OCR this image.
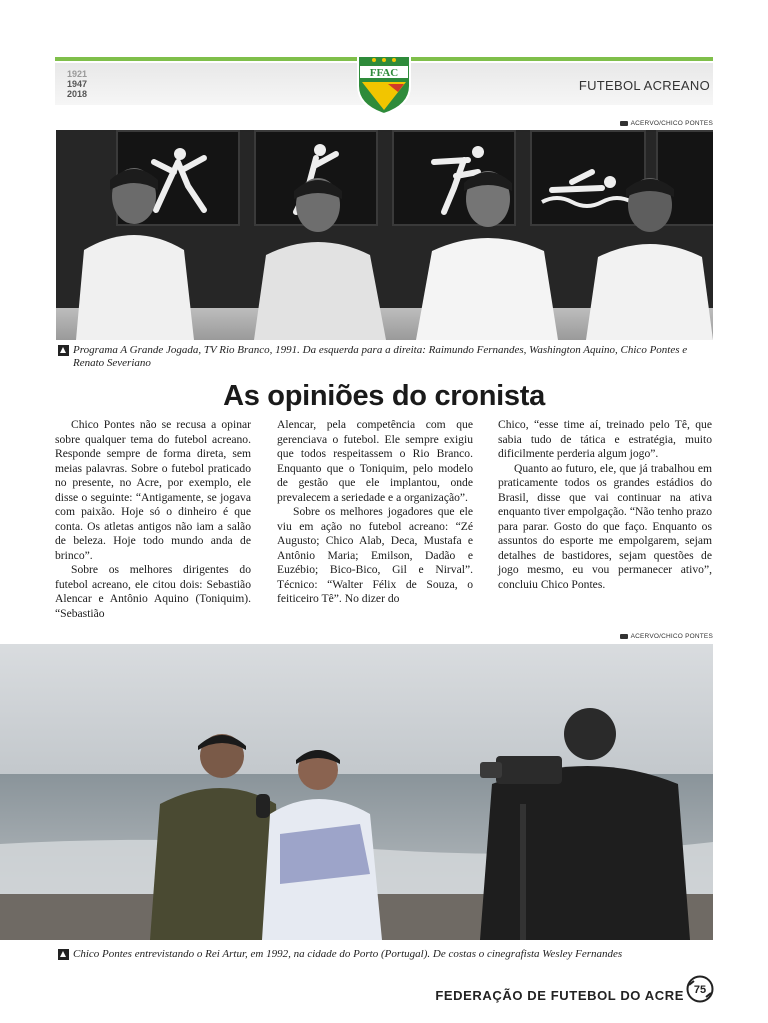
1921
1947
2018
FFAC
FUTEBOL ACREANO
ACERVO/CHICO PONTES
Programa A Grande Jogada, TV Rio Branco, 1991. Da esquerda para a direita: Raimundo Fernandes, Washington Aquino, Chico Pontes e Renato Severiano
As opiniões do cronista

Chico Pontes não se recusa a opinar sobre qualquer tema do futebol acreano. Responde sempre de forma direta, sem meias palavras. Sobre o futebol praticado no presente, no Acre, por exemplo, ele disse o seguinte: “Antigamente, se jogava com paixão. Hoje só o dinheiro é que conta. Os atletas antigos não iam a salão de beleza. Hoje todo mundo anda de brinco”.

Sobre os melhores dirigentes do futebol acreano, ele citou dois: Sebastião Alencar e Antônio Aquino (Toniquim). “Sebastião

Alencar, pela competência com que gerenciava o futebol. Ele sempre exigiu que todos respeitassem o Rio Branco. Enquanto que o Toniquim, pelo modelo de gestão que ele implantou, onde prevalecem a seriedade e a organização”.

Sobre os melhores jogadores que ele viu em ação no futebol acreano: “Zé Augusto; Chico Alab, Deca, Mustafa e Antônio Maria; Emilson, Dadão e Euzébio; Bico-Bico, Gil e Nirval”. Técnico: “Walter Félix de Souza, o feiticeiro Tê”. No dizer do

Chico, “esse time aí, treinado pelo Tê, que sabia tudo de tática e estratégia, muito dificilmente perderia algum jogo”.

Quanto ao futuro, ele, que já trabalhou em praticamente todos os grandes estádios do Brasil, disse que vai continuar na ativa enquanto tiver empolgação. “Não tenho prazo para parar. Gosto do que faço. Enquanto os assuntos do esporte me empolgarem, sejam detalhes de bastidores, sejam questões de jogo mesmo, eu vou permanecer ativo”, concluiu Chico Pontes.

ACERVO/CHICO PONTES
Chico Pontes entrevistando o Rei Artur, em 1992, na cidade do Porto (Portugal). De costas o cinegrafista Wesley Fernandes
FEDERAÇÃO DE FUTEBOL DO ACRE 75
